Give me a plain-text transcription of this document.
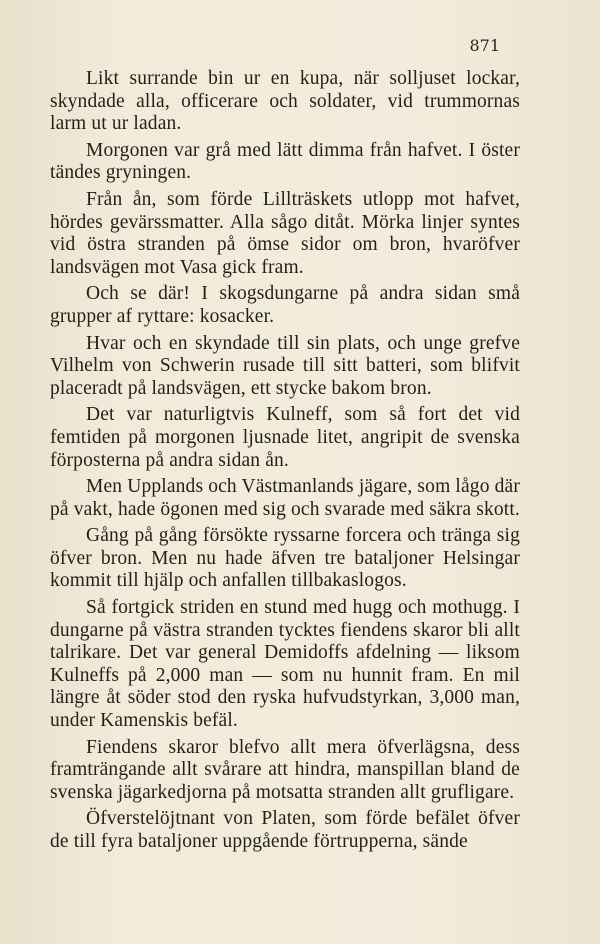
871

Likt surrande bin ur en kupa, när solljuset lockar, skyndade alla, officerare och soldater, vid trummornas larm ut ur ladan.

Morgonen var grå med lätt dimma från hafvet. I öster tändes gryningen.

Från ån, som förde Lillträskets utlopp mot hafvet, hördes gevärssmatter. Alla sågo ditåt. Mörka linjer syntes vid östra stranden på ömse sidor om bron, hvaröfver landsvägen mot Vasa gick fram.

Och se där! I skogsdungarne på andra sidan små grupper af ryttare: kosacker.

Hvar och en skyndade till sin plats, och unge grefve Vilhelm von Schwerin rusade till sitt batteri, som blifvit placeradt på landsvägen, ett stycke bakom bron.

Det var naturligtvis Kulneff, som så fort det vid femtiden på morgonen ljusnade litet, angripit de svenska förposterna på andra sidan ån.

Men Upplands och Västmanlands jägare, som lågo där på vakt, hade ögonen med sig och svarade med säkra skott.

Gång på gång försökte ryssarne forcera och tränga sig öfver bron. Men nu hade äfven tre bataljoner Helsingar kommit till hjälp och anfallen tillbakaslogos.

Så fortgick striden en stund med hugg och mothugg. I dungarne på västra stranden tycktes fiendens skaror bli allt talrikare. Det var general Demidoffs afdelning — liksom Kulneffs på 2,000 man — som nu hunnit fram. En mil längre åt söder stod den ryska hufvudstyrkan, 3,000 man, under Kamenskis befäl.

Fiendens skaror blefvo allt mera öfverlägsna, dess framträngande allt svårare att hindra, manspillan bland de svenska jägarkedjorna på motsatta stranden allt grufligare.

Öfverstelöjtnant von Platen, som förde befälet öfver de till fyra bataljoner uppgående förtrupperna, sände
